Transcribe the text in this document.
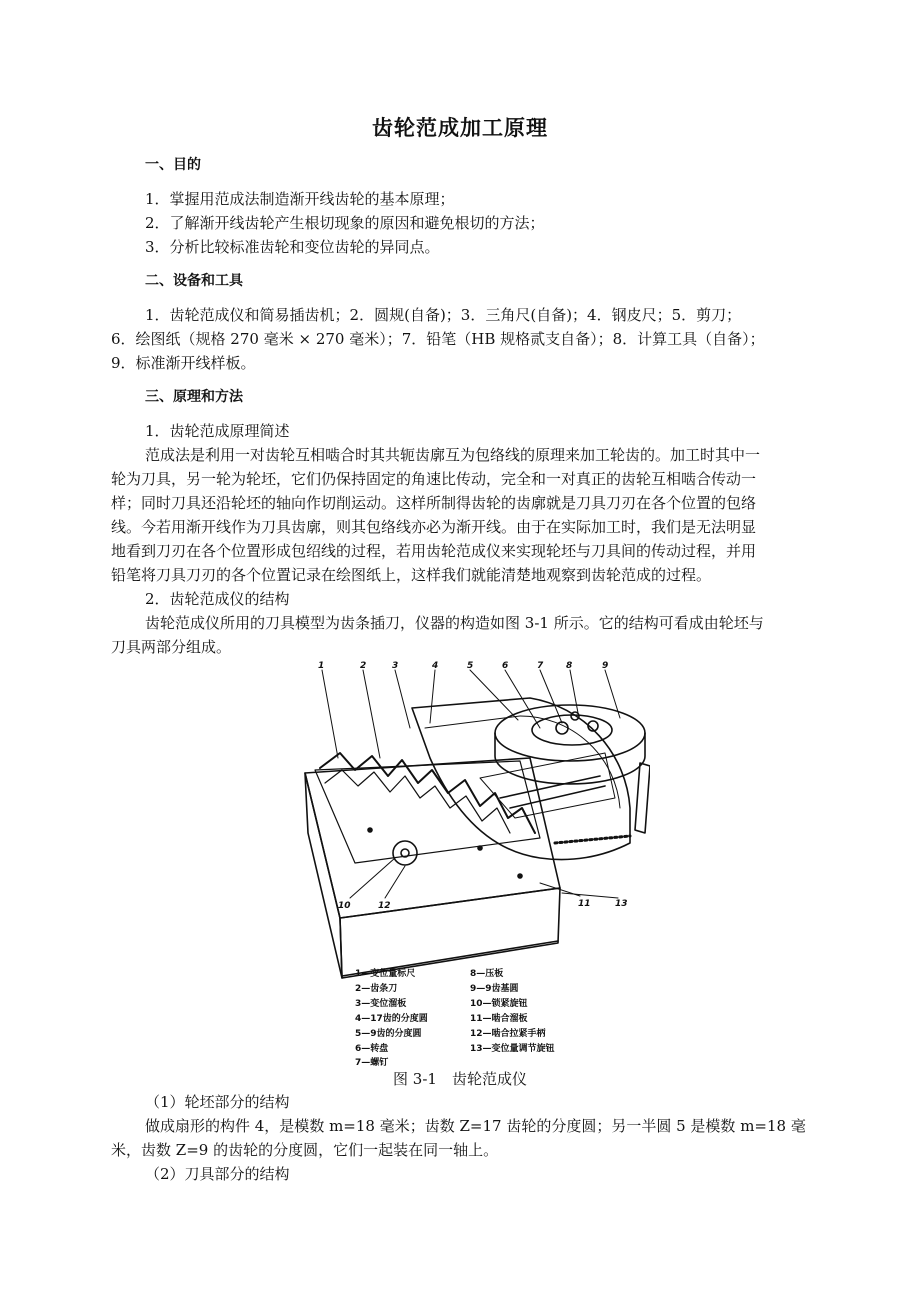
齿轮范成加工原理
一、目的
1．掌握用范成法制造渐开线齿轮的基本原理；
2．了解渐开线齿轮产生根切现象的原因和避免根切的方法；
3．分析比较标准齿轮和变位齿轮的异同点。
二、设备和工具
1．齿轮范成仪和简易插齿机；2．圆规(自备)；3．三角尺(自备)；4．钢皮尺；5．剪刀；
6．绘图纸（规格 270 毫米 × 270 毫米）；7．铅笔（HB 规格贰支自备）；8．计算工具（自备）；
9．标准渐开线样板。
三、原理和方法
1．齿轮范成原理简述
范成法是利用一对齿轮互相啮合时其共轭齿廓互为包络线的原理来加工轮齿的。加工时其中一
轮为刀具，另一轮为轮坯，它们仍保持固定的角速比传动，完全和一对真正的齿轮互相啮合传动一
样；同时刀具还沿轮坯的轴向作切削运动。这样所制得齿轮的齿廓就是刀具刀刃在各个位置的包络
线。今若用渐开线作为刀具齿廓，则其包络线亦必为渐开线。由于在实际加工时，我们是无法明显
地看到刀刃在各个位置形成包绍线的过程，若用齿轮范成仪来实现轮坯与刀具间的传动过程，并用
铅笔将刀具刀刃的各个位置记录在绘图纸上，这样我们就能清楚地观察到齿轮范成的过程。
2．齿轮范成仪的结构
齿轮范成仪所用的刀具模型为齿条插刀，仪器的构造如图 3-1 所示。它的结构可看成由轮坯与
刀具两部分组成。
1	2	3	4	5	6	7	8	9
10	12	11	13
1—变位量标尺
2—齿条刀
3—变位溜板
4—17齿的分度圆
5—9齿的分度圆
6—转盘
7—螺钉
8—压板
9—9齿基圆
10—锁紧旋钮
11—啮合溜板
12—啮合拉紧手柄
13—变位量调节旋钮
图 3-1　齿轮范成仪
（1）轮坯部分的结构
做成扇形的构件 4，是模数 m=18 毫米；齿数 Z=17 齿轮的分度圆；另一半圆 5 是模数 m=18 毫
米，齿数 Z=9 的齿轮的分度圆，它们一起装在同一轴上。
（2）刀具部分的结构
